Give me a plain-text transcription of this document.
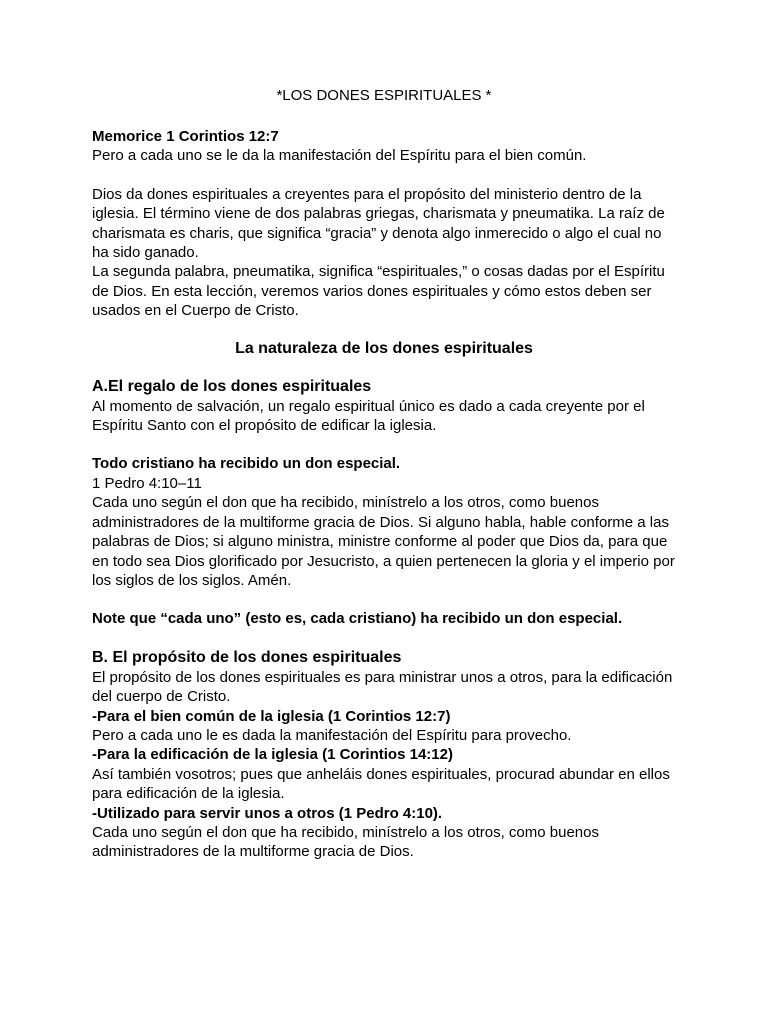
*LOS DONES ESPIRITUALES *

Memorice 1 Corintios 12:7

Pero a cada uno se le da la manifestación del Espíritu para el bien común.

Dios da dones espirituales a creyentes para el propósito del ministerio dentro de la iglesia. El término viene de dos palabras griegas, charismata y pneumatika. La raíz de charismata es charis, que significa “gracia” y denota algo inmerecido o algo el cual no ha sido ganado.

La segunda palabra, pneumatika, significa “espirituales,” o cosas dadas por el Espíritu de Dios. En esta lección, veremos varios dones espirituales y cómo estos deben ser usados en el Cuerpo de Cristo.

La naturaleza de los dones espirituales

A.El regalo de los dones espirituales

Al momento de salvación, un regalo espiritual único es dado a cada creyente por el Espíritu Santo con el propósito de edificar la iglesia.

Todo cristiano ha recibido un don especial.

1 Pedro 4:10–11

Cada uno según el don que ha recibido, minístrelo a los otros, como buenos administradores de la multiforme gracia de Dios. Si alguno habla, hable conforme a las palabras de Dios; si alguno ministra, ministre conforme al poder que Dios da, para que en todo sea Dios glorificado por Jesucristo, a quien pertenecen la gloria y el imperio por los siglos de los siglos. Amén.

Note que “cada uno” (esto es, cada cristiano) ha recibido un don especial.

B. El propósito de los dones espirituales

El propósito de los dones espirituales es para ministrar unos a otros, para la edificación del cuerpo de Cristo.

-Para el bien común de la iglesia (1 Corintios 12:7)

Pero a cada uno le es dada la manifestación del Espíritu para provecho.

-Para la edificación de la iglesia (1 Corintios 14:12)

Así también vosotros; pues que anheláis dones espirituales, procurad abundar en ellos para edificación de la iglesia.

-Utilizado para servir unos a otros (1 Pedro 4:10).

Cada uno según el don que ha recibido, minístrelo a los otros, como buenos administradores de la multiforme gracia de Dios.
